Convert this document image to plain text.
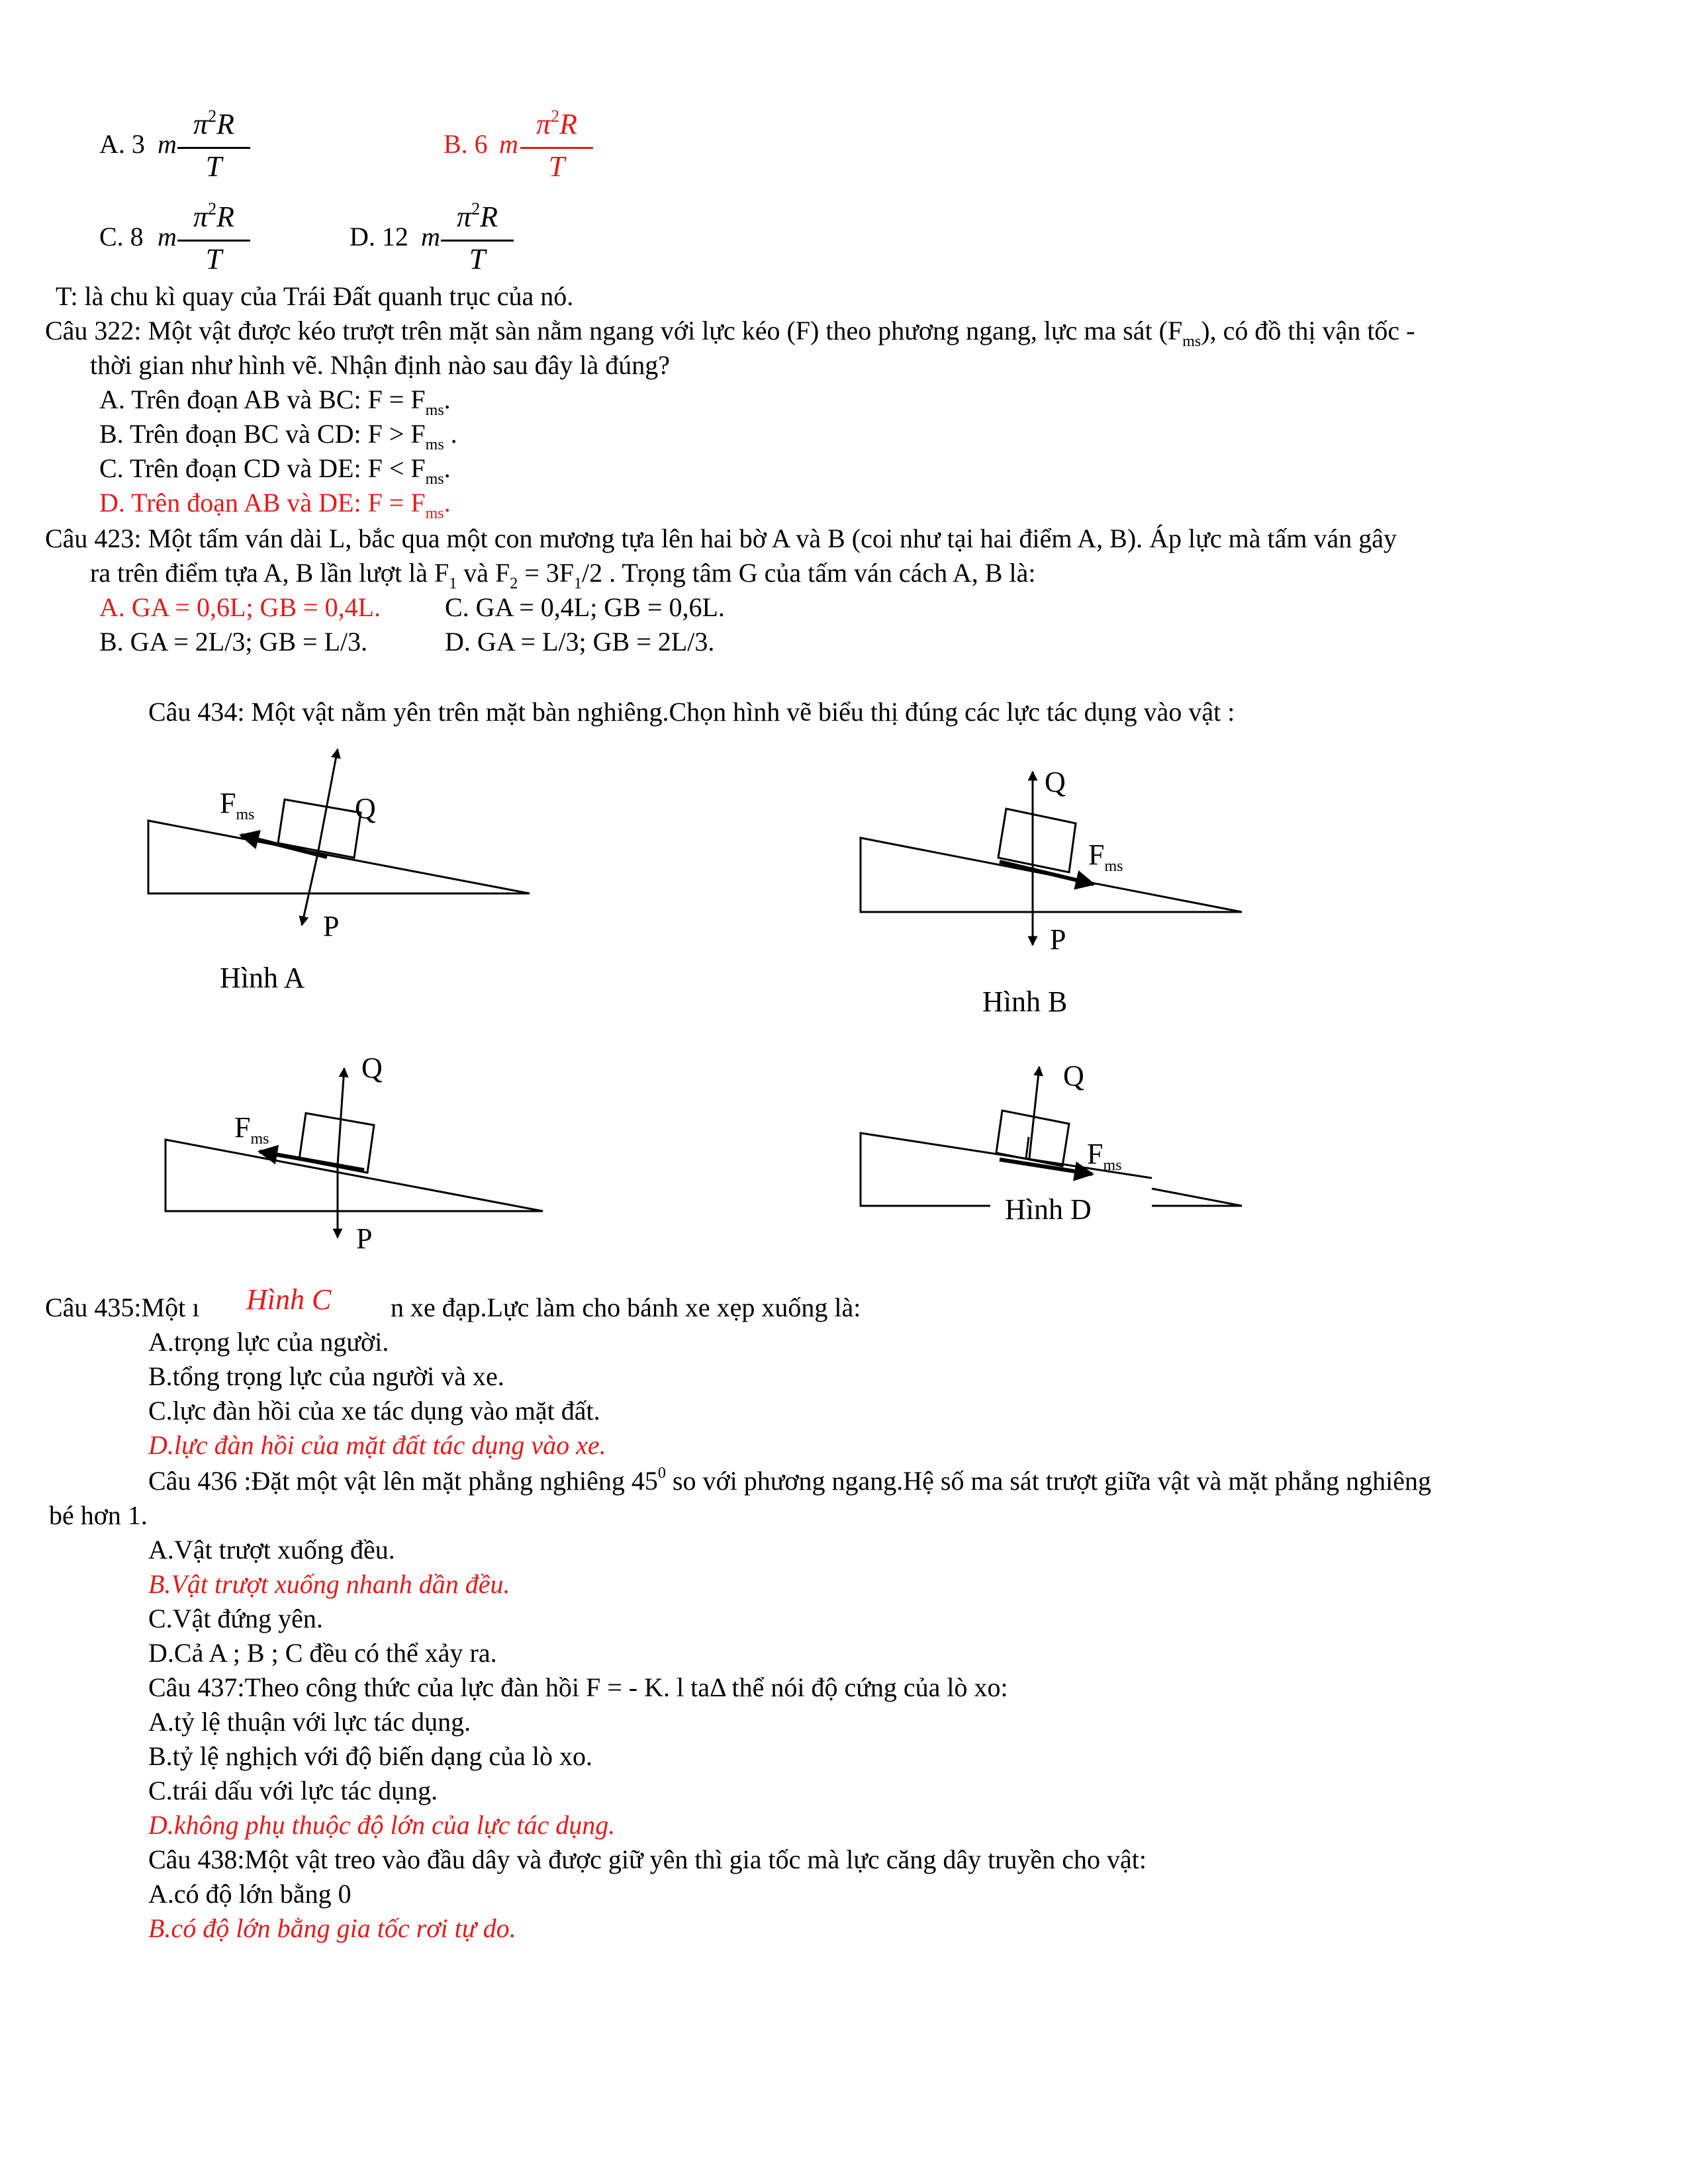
A. 3 m
$\pi^2R$
T
B. 6 m
$\pi^2R$
T
C. 8 m
$\pi^2R$
T
D. 12 m
$\pi^2R$
T
T: là chu kì quay của Trái Đất quanh trục của nó.
Câu 322: Một vật được kéo trượt trên mặt sàn nằm ngang với lực kéo (F) theo phương ngang, lực ma sát $(F_{ms})$, có đồ thị vận tốc -
thời gian như hình vẽ. Nhận định nào sau đây là đúng?
A. Trên đoạn AB và BC: $F = F_{ms}$.
B. Trên đoạn BC và CD: $F > F_{ms}$ .
C. Trên đoạn CD và DE: $F < F_{ms}$.
D. Trên đoạn AB và DE: $F = F_{ms}$.
Câu 423: Một tấm ván dài L, bắc qua một con mương tựa lên hai bờ A và B (coi như tại hai điểm A, B). Áp lực mà tấm ván gây
ra trên điểm tựa A, B lần lượt là $F_1$ và $F_2 = 3F_1/2$ . Trọng tâm G của tấm ván cách A, B là:
A. GA = 0,6L; GB = 0,4L. C. GA = 0,4L; GB = 0,6L.
B. GA = 2L/3; GB = L/3.	D. GA = L/3; GB = 2L/3.
Câu 434: Một vật nằm yên trên mặt bàn nghiêng.Chọn hình vẽ biểu thị đúng các lực tác dụng vào vật :
$F_{ms}$	Q
P
Hình A
Q
$F_{ms}$
P
Hình B
Q
$F_{ms}$
P
Q
$F_{ms}$
Hình D
Câu 435:Một ı Hình C n xe đạp.Lực làm cho bánh xe xẹp xuống là:
A.trọng lực của người.
B.tổng trọng lực của người và xe.
C.lực đàn hồi của xe tác dụng vào mặt đất.
D.lực đàn hồi của mặt đất tác dụng vào xe.
Câu 436 :Đặt một vật lên mặt phẳng nghiêng $45^0$ so với phương ngang.Hệ số ma sát trượt giữa vật và mặt phẳng nghiêng
bé hơn 1.
A.Vật trượt xuống đều.
B.Vật trượt xuống nhanh dần đều.
C.Vật đứng yên.
D.Cả A ; B ; C đều có thể xảy ra.
Câu 437:Theo công thức của lực đàn hồi F = - K. l taΔ thể nói độ cứng của lò xo:
A.tỷ lệ thuận với lực tác dụng.
B.tỷ lệ nghịch với độ biến dạng của lò xo.
C.trái dấu với lực tác dụng.
D.không phụ thuộc độ lớn của lực tác dụng.
Câu 438:Một vật treo vào đầu dây và được giữ yên thì gia tốc mà lực căng dây truyền cho vật:
A.có độ lớn bằng 0
B.có độ lớn bằng gia tốc rơi tự do.
